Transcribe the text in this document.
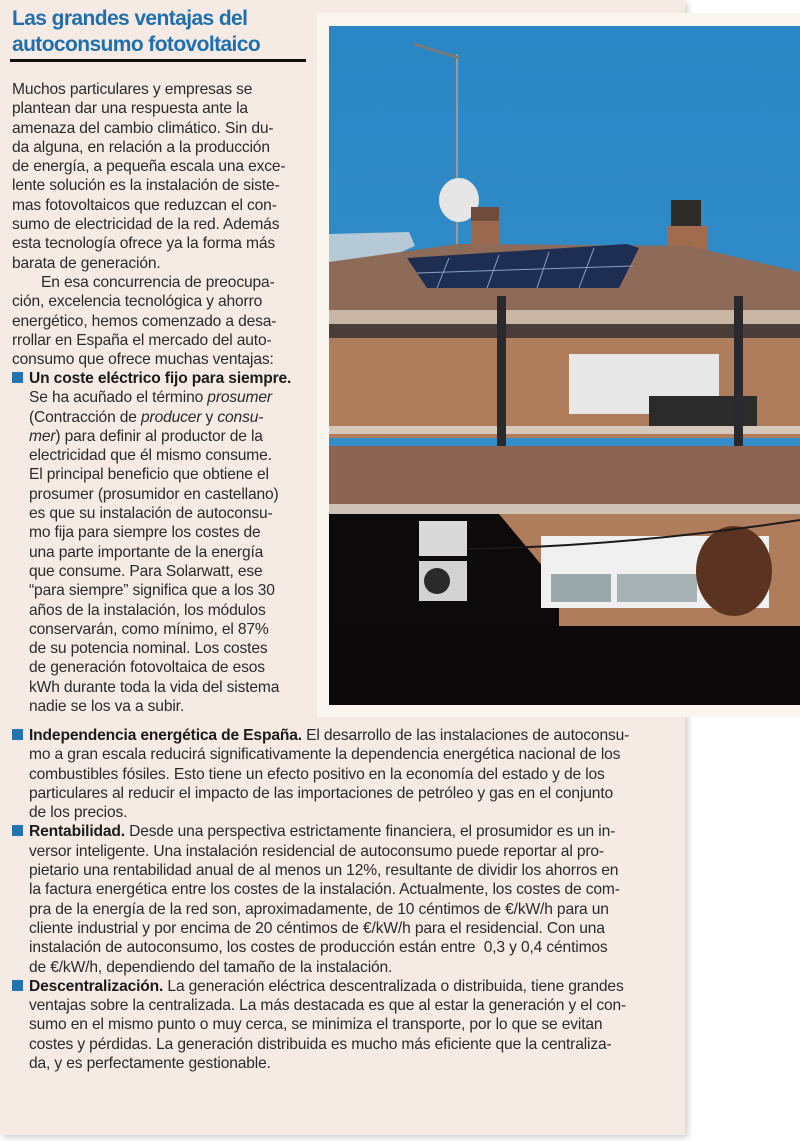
Las grandes ventajas del
autoconsumo fotovoltaico
Muchos particulares y empresas se
plantean dar una respuesta ante la
amenaza del cambio climático. Sin du-
da alguna, en relación a la producción
de energía, a pequeña escala una exce-
lente solución es la instalación de siste-
mas fotovoltaicos que reduzcan el con-
sumo de electricidad de la red. Además
esta tecnología ofrece ya la forma más
barata de generación.
En esa concurrencia de preocupa-
ción, excelencia tecnológica y ahorro
energético, hemos comenzado a desa-
rrollar en España el mercado del auto-
consumo que ofrece muchas ventajas:
Un coste eléctrico fijo para siempre.
Se ha acuñado el término prosumer
(Contracción de producer y consu-
mer) para definir al productor de la
electricidad que él mismo consume.
El principal beneficio que obtiene el
prosumer (prosumidor en castellano)
es que su instalación de autoconsu-
mo fija para siempre los costes de
una parte importante de la energía
que consume. Para Solarwatt, ese
“para siempre” significa que a los 30
años de la instalación, los módulos
conservarán, como mínimo, el 87%
de su potencia nominal. Los costes
de generación fotovoltaica de esos
kWh durante toda la vida del sistema
nadie se los va a subir.
Independencia energética de España. El desarrollo de las instalaciones de autoconsu-
mo a gran escala reducirá significativamente la dependencia energética nacional de los
combustibles fósiles. Esto tiene un efecto positivo en la economía del estado y de los
particulares al reducir el impacto de las importaciones de petróleo y gas en el conjunto
de los precios.
Rentabilidad. Desde una perspectiva estrictamente financiera, el prosumidor es un in-
versor inteligente. Una instalación residencial de autoconsumo puede reportar al pro-
pietario una rentabilidad anual de al menos un 12%, resultante de dividir los ahorros en
la factura energética entre los costes de la instalación. Actualmente, los costes de com-
pra de la energía de la red son, aproximadamente, de 10 céntimos de €/kW/h para un
cliente industrial y por encima de 20 céntimos de €/kW/h para el residencial. Con una
instalación de autoconsumo, los costes de producción están entre  0,3 y 0,4 céntimos
de €/kW/h, dependiendo del tamaño de la instalación.
Descentralización. La generación eléctrica descentralizada o distribuida, tiene grandes
ventajas sobre la centralizada. La más destacada es que al estar la generación y el con-
sumo en el mismo punto o muy cerca, se minimiza el transporte, por lo que se evitan
costes y pérdidas. La generación distribuida es mucho más eficiente que la centraliza-
da, y es perfectamente gestionable.
